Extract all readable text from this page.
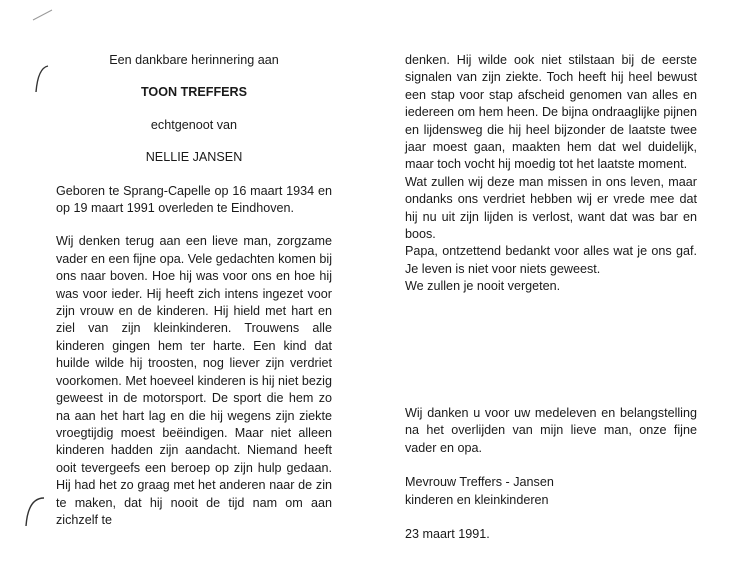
Een dankbare herinnering aan
TOON TREFFERS
echtgenoot van
NELLIE JANSEN

Geboren te Sprang-Capelle op 16 maart 1934 en op 19 maart 1991 overleden te Eindhoven.

Wij denken terug aan een lieve man, zorgzame vader en een fijne opa. Vele gedachten komen bij ons naar boven. Hoe hij was voor ons en hoe hij was voor ieder. Hij heeft zich intens ingezet voor zijn vrouw en de kinderen. Hij hield met hart en ziel van zijn kleinkinderen. Trouwens alle kinderen gingen hem ter harte. Een kind dat huilde wilde hij troosten, nog liever zijn verdriet voorkomen. Met hoeveel kinderen is hij niet bezig geweest in de motorsport. De sport die hem zo na aan het hart lag en die hij wegens zijn ziekte vroegtijdig moest beëindigen. Maar niet alleen kinderen hadden zijn aandacht. Niemand heeft ooit tevergeefs een beroep op zijn hulp gedaan. Hij had het zo graag met het anderen naar de zin te maken, dat hij nooit de tijd nam om aan zichzelf te

denken. Hij wilde ook niet stilstaan bij de eerste signalen van zijn ziekte. Toch heeft hij heel bewust een stap voor stap afscheid genomen van alles en iedereen om hem heen. De bijna ondraaglijke pijnen en lijdensweg die hij heel bijzonder de laatste twee jaar moest gaan, maakten hem dat wel duidelijk, maar toch vocht hij moedig tot het laatste moment.

Wat zullen wij deze man missen in ons leven, maar ondanks ons verdriet hebben wij er vrede mee dat hij nu uit zijn lijden is verlost, want dat was bar en boos.

Papa, ontzettend bedankt voor alles wat je ons gaf. Je leven is niet voor niets geweest.

We zullen je nooit vergeten.

Wij danken u voor uw medeleven en belangstelling na het overlijden van mijn lieve man, onze fijne vader en opa.

Mevrouw Treffers - Jansen
kinderen en kleinkinderen
23 maart 1991.
